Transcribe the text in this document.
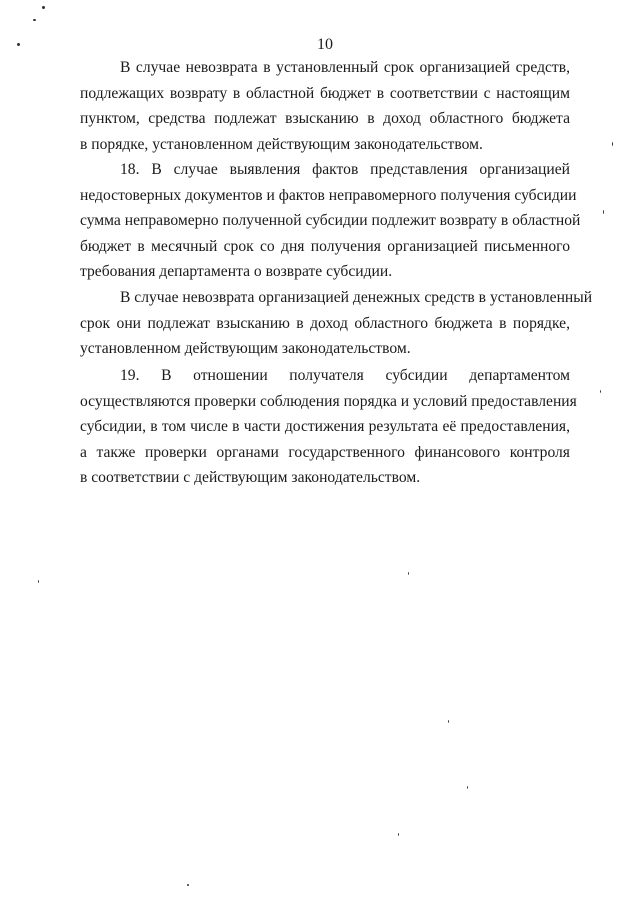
10
В случае невозврата в установленный срок организацией средств,
подлежащих возврату в областной бюджет в соответствии с настоящим
пунктом, средства подлежат взысканию в доход областного бюджета
в порядке, установленном действующим законодательством.
18. В случае выявления фактов представления организацией
недостоверных документов и фактов неправомерного получения субсидии
сумма неправомерно полученной субсидии подлежит возврату в областной
бюджет в месячный срок со дня получения организацией письменного
требования департамента о возврате субсидии.
В случае невозврата организацией денежных средств в установленный
срок они подлежат взысканию в доход областного бюджета в порядке,
установленном действующим законодательством.
19. В отношении получателя субсидии департаментом
осуществляются проверки соблюдения порядка и условий предоставления
субсидии, в том числе в части достижения результата её предоставления,
а также проверки органами государственного финансового контроля
в соответствии с действующим законодательством.
